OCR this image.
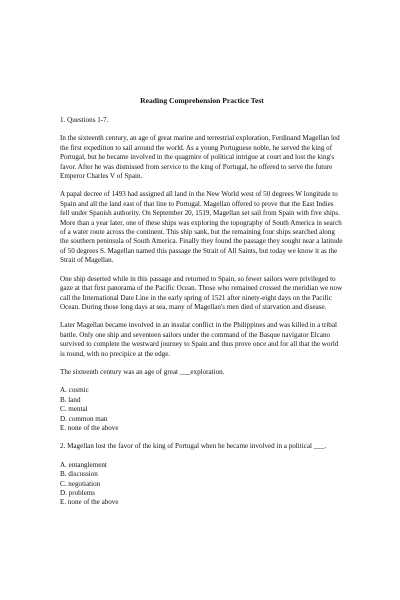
Reading Comprehension Practice Test
1. Questions 1-7.
In the sixteenth century, an age of great marine and terrestrial exploration, Ferdinand Magellan led the first expedition to sail around the world. As a young Portuguese noble, he served the king of Portugal, but he became involved in the quagmire of political intrigue at court and lost the king's favor. After he was dismissed from service to the king of Portugal, he offered to serve the future Emperor Charles V of Spain.
A papal decree of 1493 had assigned all land in the New World west of 50 degrees W longitude to Spain and all the land east of that line to Portugal. Magellan offered to prove that the East Indies fell under Spanish authority. On September 20, 1519, Magellan set sail from Spain with five ships. More than a year later, one of these ships was exploring the topography of South America in search of a water route across the continent. This ship sank, but the remaining four ships searched along the southern peninsula of South America. Finally they found the passage they sought near a latitude of 50 degrees S. Magellan named this passage the Strait of All Saints, but today we know it as the Strait of Magellan.
One ship deserted while in this passage and returned to Spain, so fewer sailors were privileged to gaze at that first panorama of the Pacific Ocean. Those who remained crossed the meridian we now call the International Date Line in the early spring of 1521 after ninety-eight days on the Pacific Ocean. During those long days at sea, many of Magellan's men died of starvation and disease.
Later Magellan became involved in an insular conflict in the Philippines and was killed in a tribal battle. Only one ship and seventeen sailors under the command of the Basque navigator Elcano survived to complete the westward journey to Spain and thus prove once and for all that the world is round, with no precipice at the edge.
The sixteenth century was an age of great ___exploration.
A. cosmic
B. land
C. mental
D. common man
E. none of the above
2. Magellan lost the favor of the king of Portugal when he became involved in a political ___.
A. entanglement
B. discussion
C. negotiation
D. problems
E. none of the above
